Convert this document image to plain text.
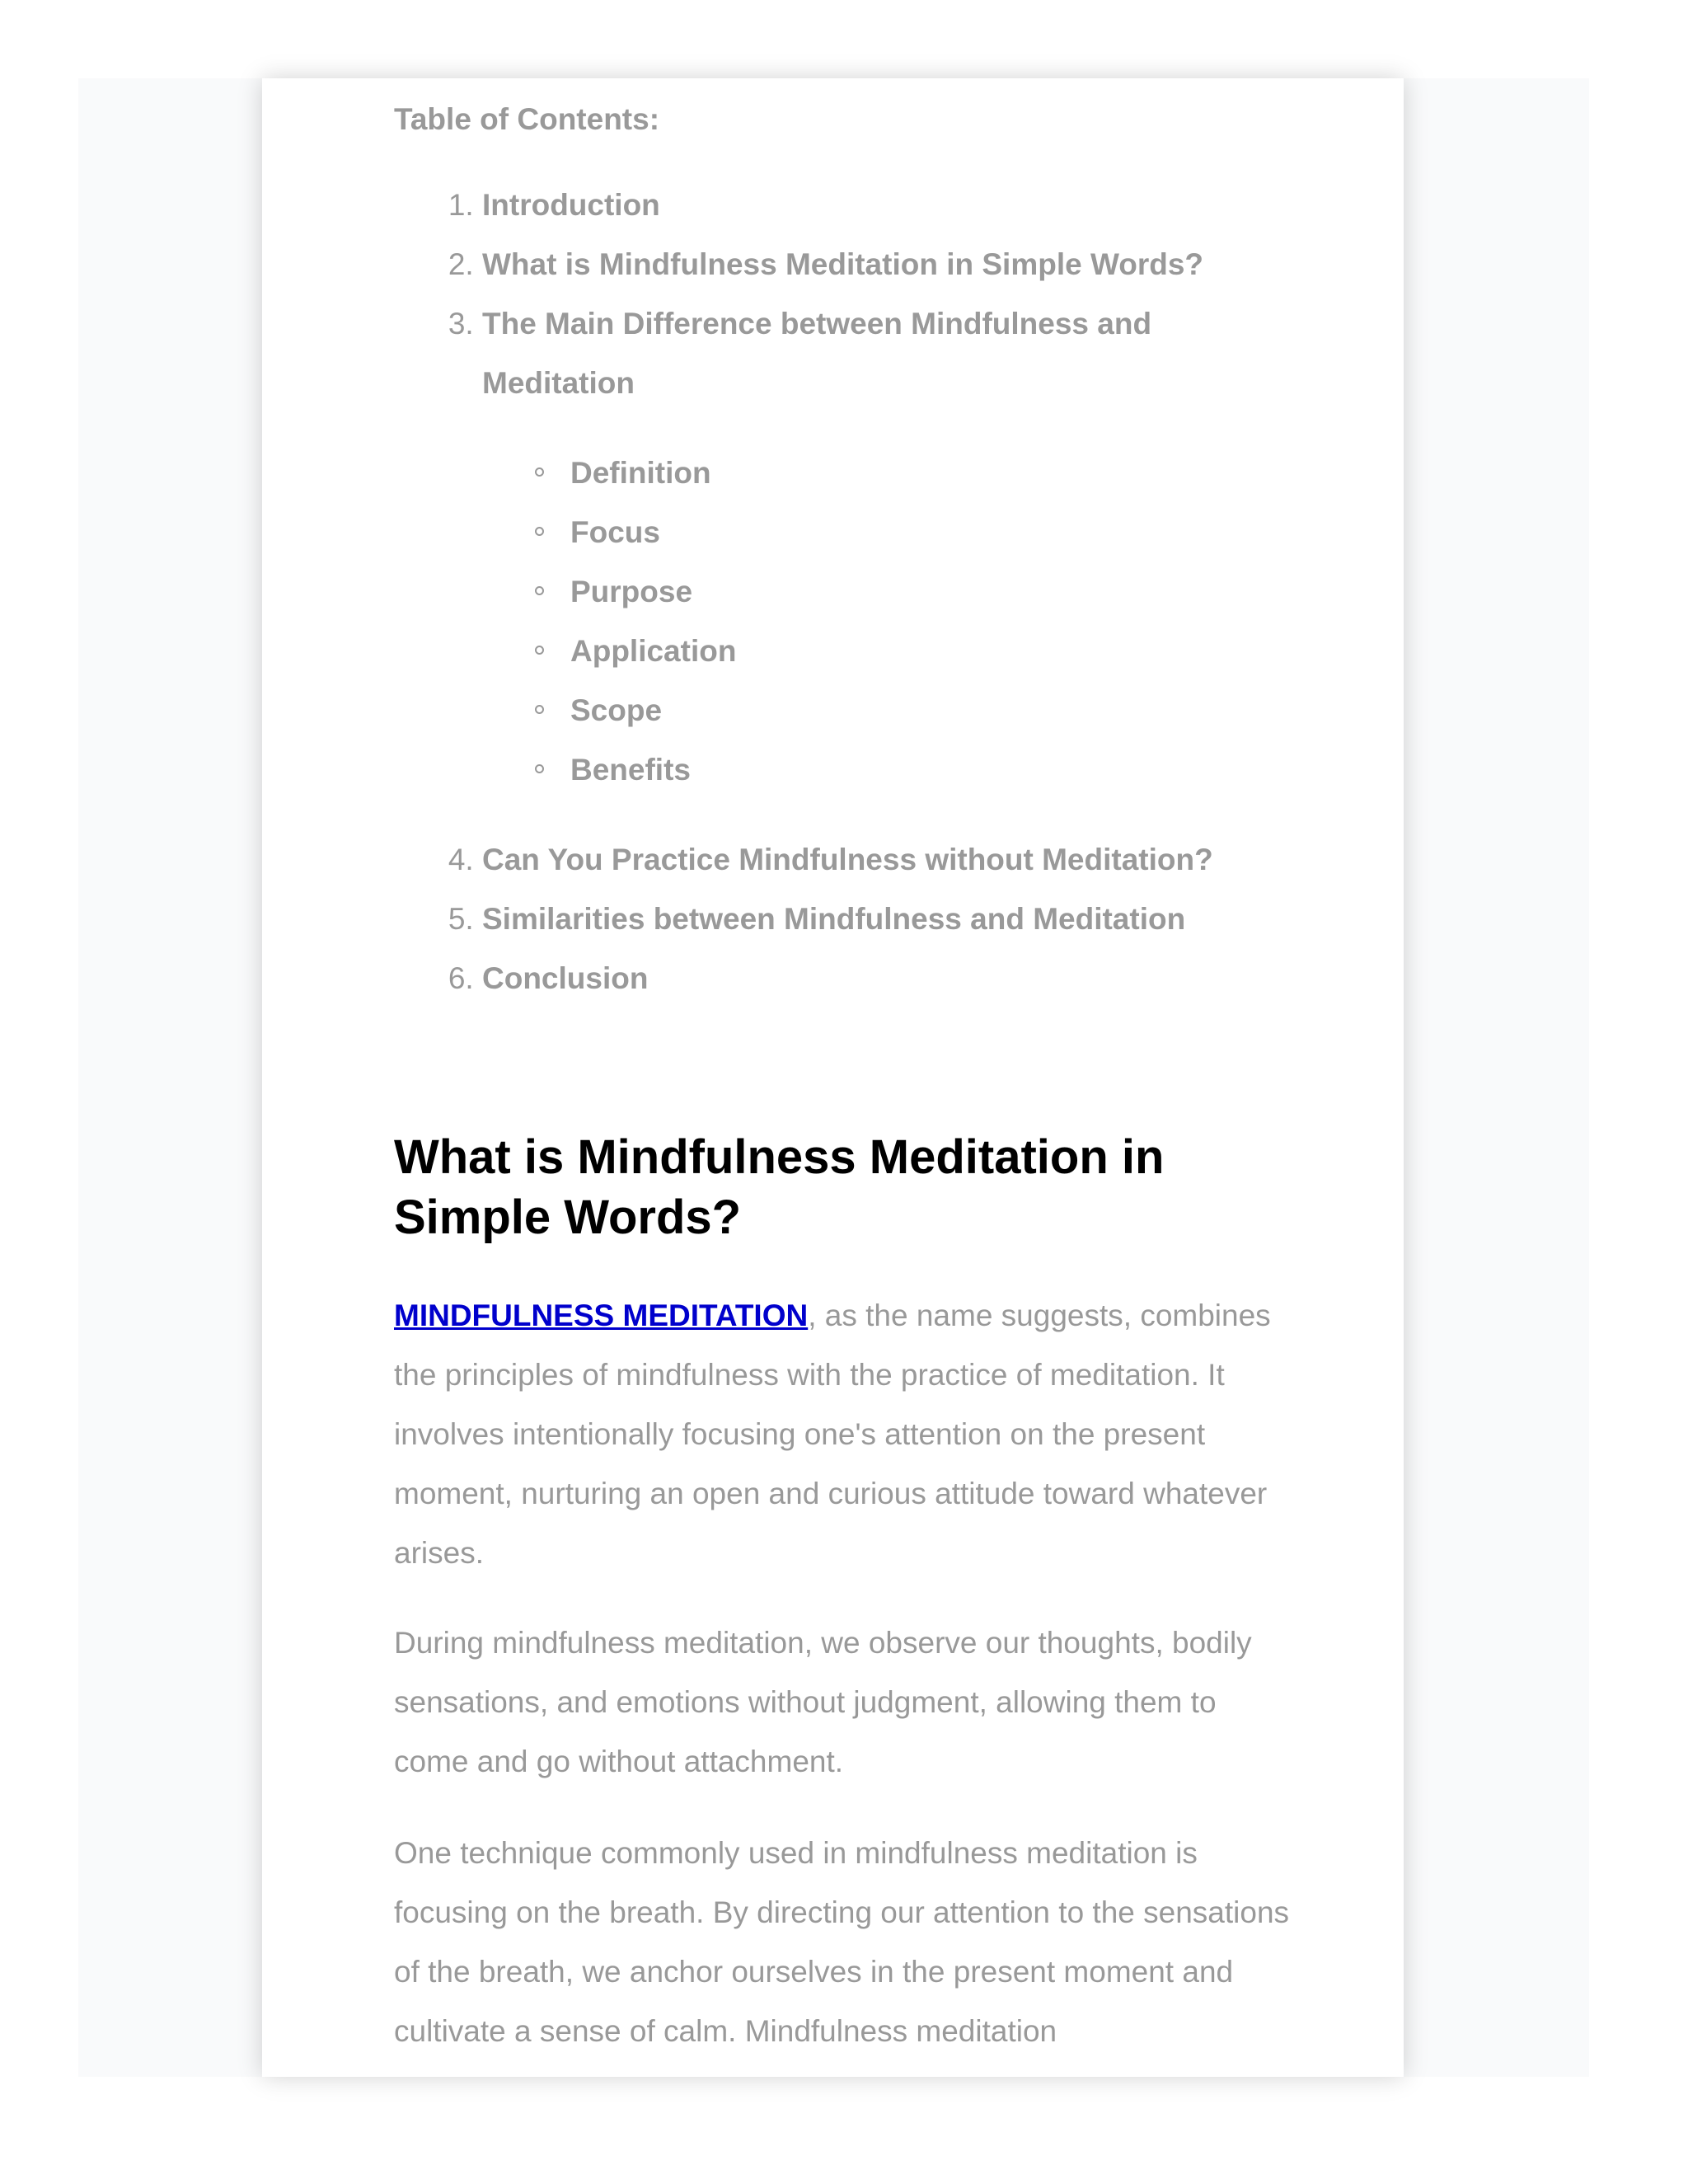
Table of Contents:

1. Introduction
2. What is Mindfulness Meditation in Simple Words?
3. The Main Difference between Mindfulness and Meditation
Definition
Focus
Purpose
Application
Scope
Benefits
4. Can You Practice Mindfulness without Meditation?
5. Similarities between Mindfulness and Meditation
6. Conclusion
What is Mindfulness Meditation in Simple Words?

MINDFULNESS MEDITATION, as the name suggests, combines the principles of mindfulness with the practice of meditation. It involves intentionally focusing one's attention on the present moment, nurturing an open and curious attitude toward whatever arises.

During mindfulness meditation, we observe our thoughts, bodily sensations, and emotions without judgment, allowing them to come and go without attachment.

One technique commonly used in mindfulness meditation is focusing on the breath. By directing our attention to the sensations of the breath, we anchor ourselves in the present moment and cultivate a sense of calm. Mindfulness meditation
